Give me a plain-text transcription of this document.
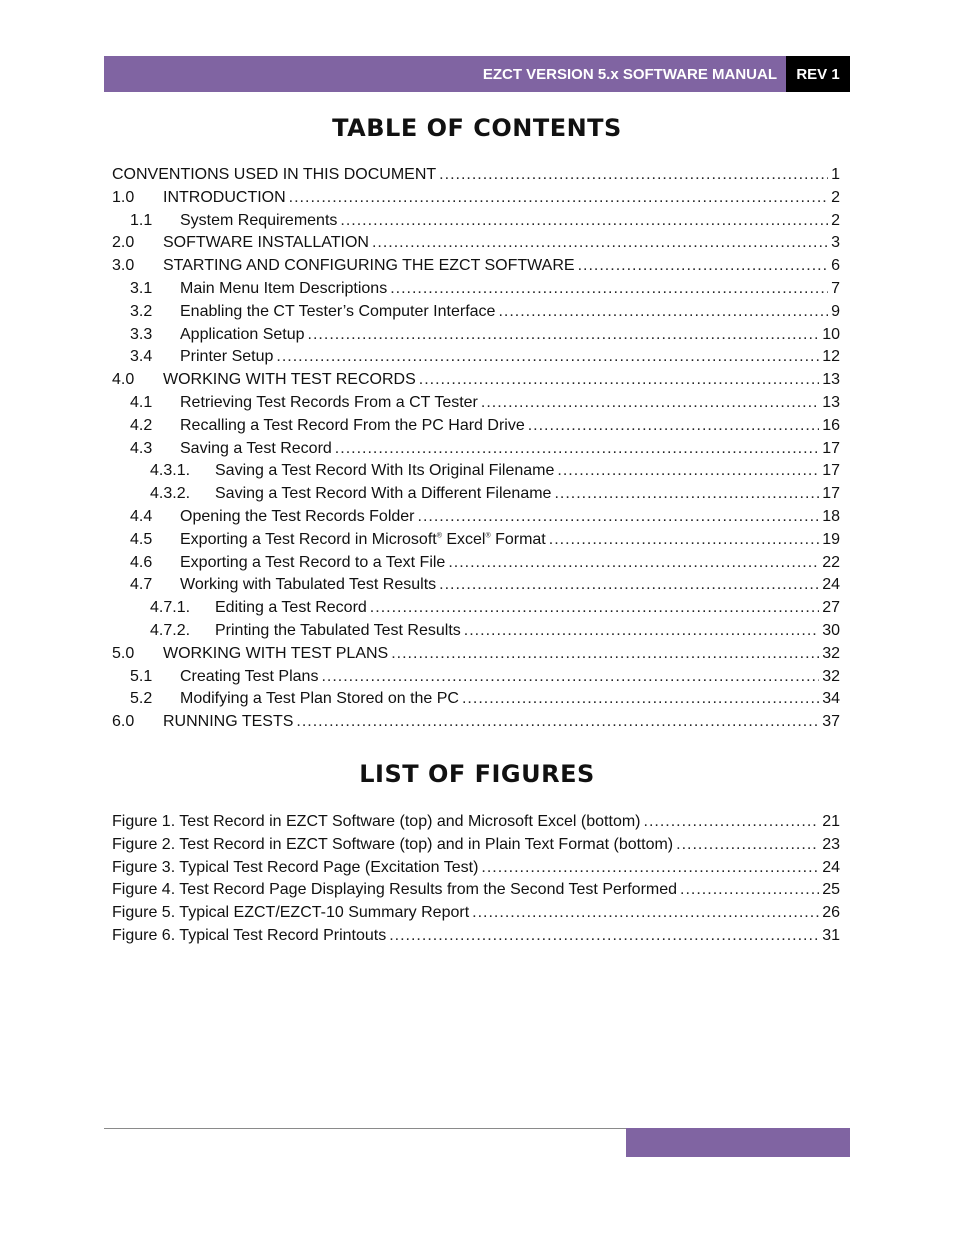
EZCT VERSION 5.x SOFTWARE MANUAL REV 1
TABLE OF CONTENTS
CONVENTIONS USED IN THIS DOCUMENT .....	1
1.0	INTRODUCTION .....	2
1.1	System Requirements .....	2
2.0	SOFTWARE INSTALLATION .....	3
3.0	STARTING AND CONFIGURING THE EZCT SOFTWARE .....	6
3.1	Main Menu Item Descriptions .....	7
3.2	Enabling the CT Tester’s Computer Interface .....	9
3.3	Application Setup .....	10
3.4	Printer Setup .....	12
4.0	WORKING WITH TEST RECORDS .....	13
4.1	Retrieving Test Records From a CT Tester .....	13
4.2	Recalling a Test Record From the PC Hard Drive .....	16
4.3	Saving a Test Record .....	17
4.3.1.	Saving a Test Record With Its Original Filename .....	17
4.3.2.	Saving a Test Record With a Different Filename .....	17
4.4	Opening the Test Records Folder .....	18
4.5	Exporting a Test Record in Microsoft® Excel® Format .....	19
4.6	Exporting a Test Record to a Text File .....	22
4.7	Working with Tabulated Test Results .....	24
4.7.1.	Editing a Test Record .....	27
4.7.2.	Printing the Tabulated Test Results .....	30
5.0	WORKING WITH TEST PLANS .....	32
5.1	Creating Test Plans .....	32
5.2	Modifying a Test Plan Stored on the PC .....	34
6.0	RUNNING TESTS .....	37
LIST OF FIGURES
Figure 1. Test Record in EZCT Software (top) and Microsoft Excel (bottom) .....	21
Figure 2. Test Record in EZCT Software (top) and in Plain Text Format (bottom) .....	23
Figure 3. Typical Test Record Page (Excitation Test) .....	24
Figure 4. Test Record Page Displaying Results from the Second Test Performed .....	25
Figure 5. Typical EZCT/EZCT-10 Summary Report .....	26
Figure 6. Typical Test Record Printouts .....	31
